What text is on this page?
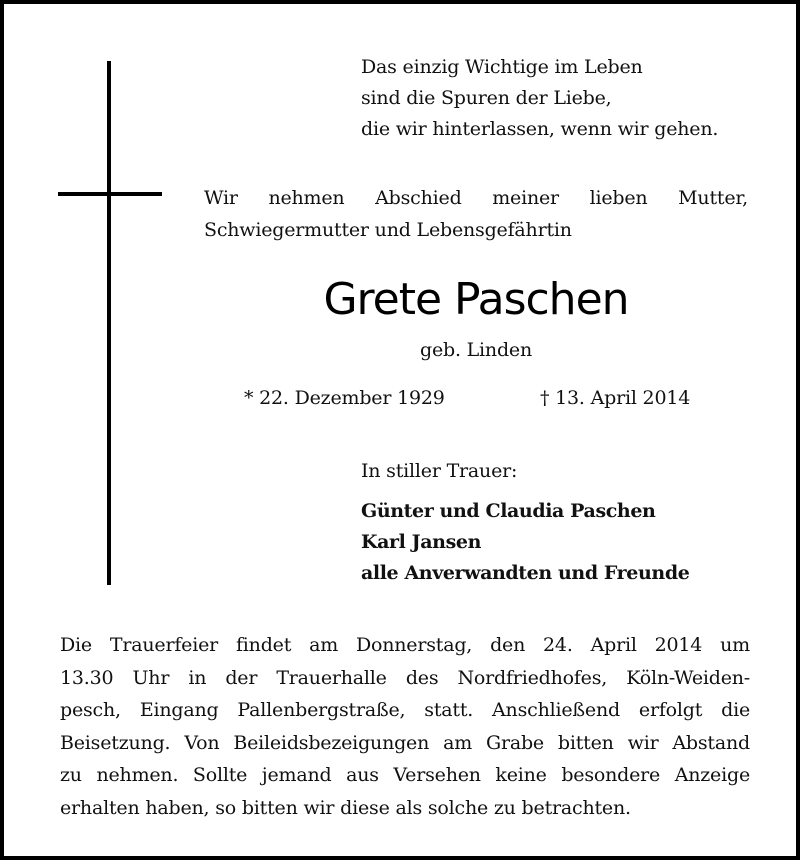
Das einzig Wichtige im Leben
sind die Spuren der Liebe,
die wir hinterlassen, wenn wir gehen.
Wir nehmen Abschied meiner lieben Mutter, Schwiegermutter und Lebensgefährtin
Grete Paschen
geb. Linden
* 22. Dezember 1929	† 13. April 2014
In stiller Trauer:
Günter und Claudia Paschen
Karl Jansen
alle Anverwandten und Freunde
Die Trauerfeier findet am Donnerstag, den 24. April 2014 um
13.30 Uhr in der Trauerhalle des Nordfriedhofes, Köln-Weiden-
pesch, Eingang Pallenbergstraße, statt. Anschließend erfolgt die
Beisetzung. Von Beileidsbezeigungen am Grabe bitten wir Abstand
zu nehmen. Sollte jemand aus Versehen keine besondere Anzeige
erhalten haben, so bitten wir diese als solche zu betrachten.
